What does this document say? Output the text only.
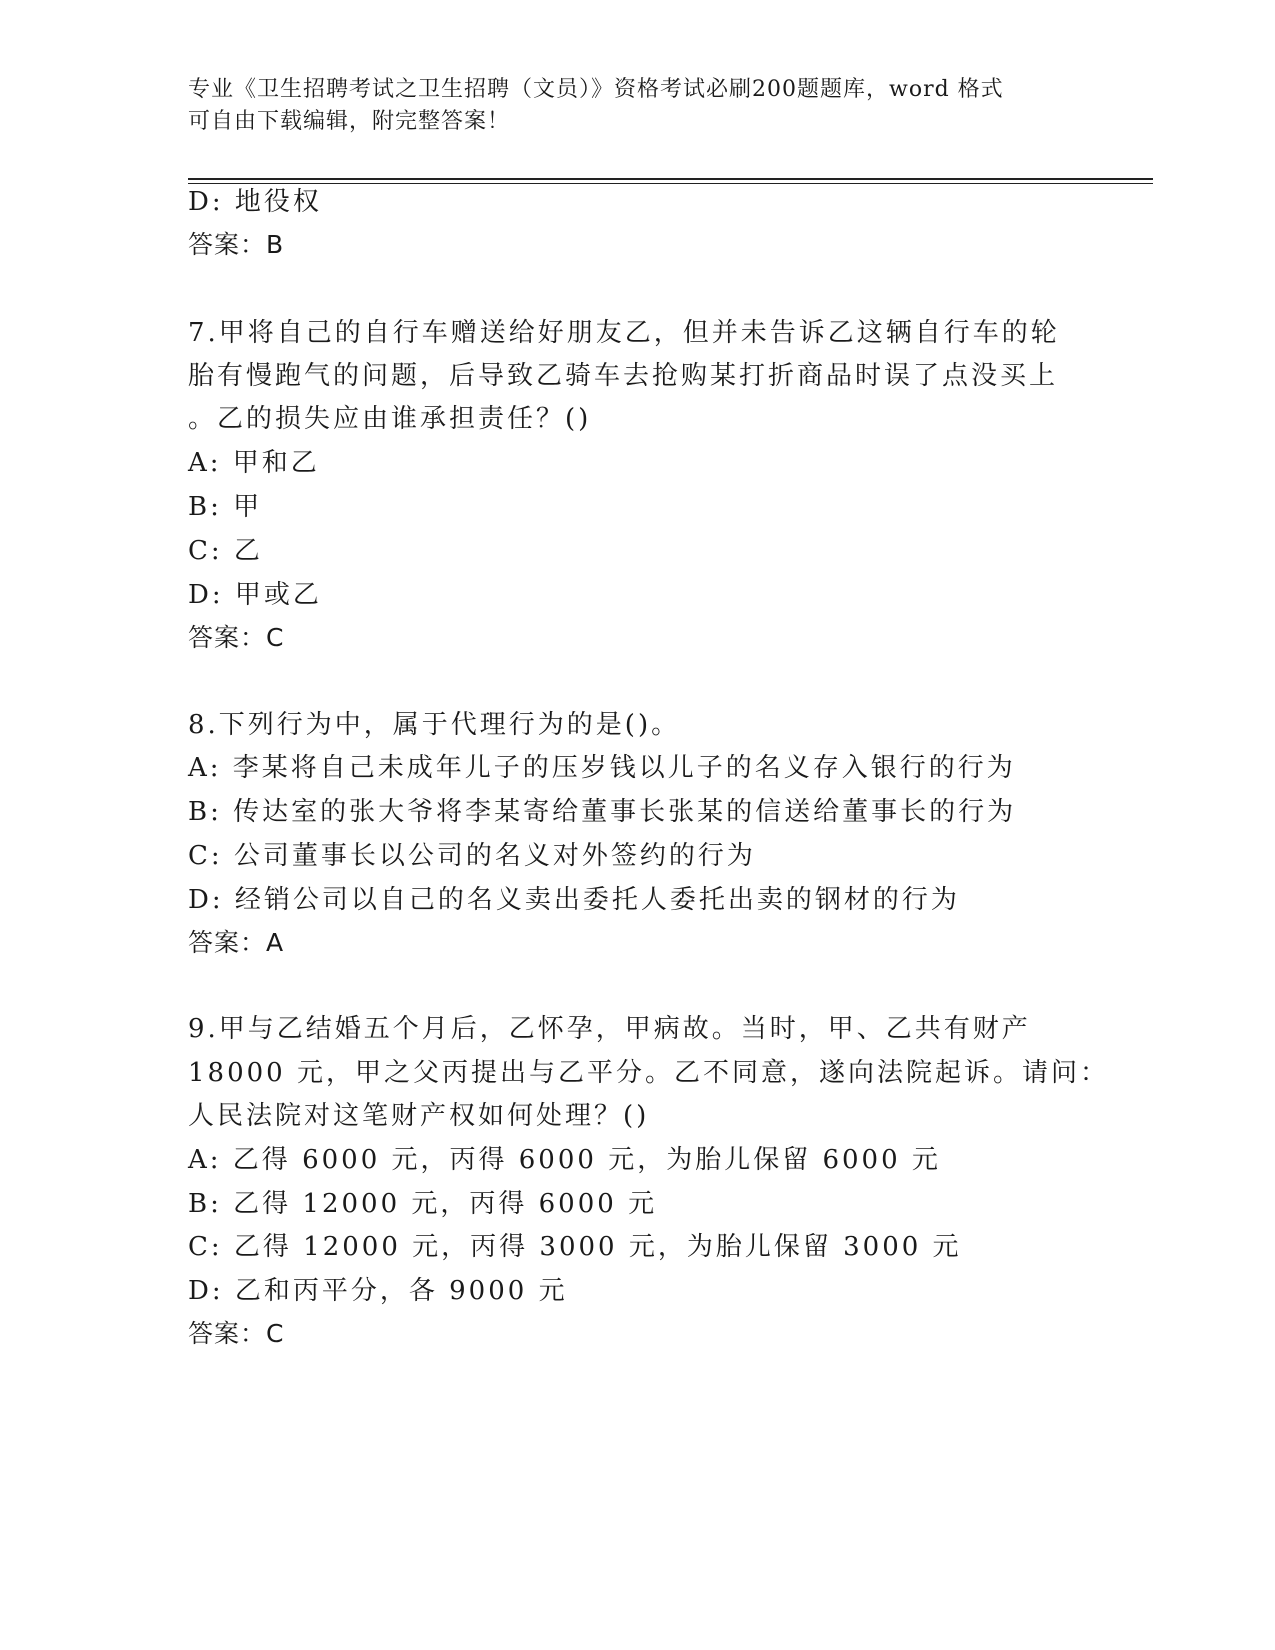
专业《卫生招聘考试之卫生招聘（文员）》资格考试必刷200题题库，word 格式
可自由下载编辑，附完整答案！
D: 地役权
答案：B
7.甲将自己的自行车赠送给好朋友乙，但并未告诉乙这辆自行车的轮
胎有慢跑气的问题，后导致乙骑车去抢购某打折商品时误了点没买上
。乙的损失应由谁承担责任？()
A: 甲和乙
B: 甲
C: 乙
D: 甲或乙
答案：C
8.下列行为中，属于代理行为的是()。
A: 李某将自己未成年儿子的压岁钱以儿子的名义存入银行的行为
B: 传达室的张大爷将李某寄给董事长张某的信送给董事长的行为
C: 公司董事长以公司的名义对外签约的行为
D: 经销公司以自己的名义卖出委托人委托出卖的钢材的行为
答案：A
9.甲与乙结婚五个月后，乙怀孕，甲病故。当时，甲、乙共有财产
18000 元，甲之父丙提出与乙平分。乙不同意，遂向法院起诉。请问：
人民法院对这笔财产权如何处理？()
A: 乙得 6000 元，丙得 6000 元，为胎儿保留 6000 元
B: 乙得 12000 元，丙得 6000 元
C: 乙得 12000 元，丙得 3000 元，为胎儿保留 3000 元
D: 乙和丙平分，各 9000 元
答案：C
